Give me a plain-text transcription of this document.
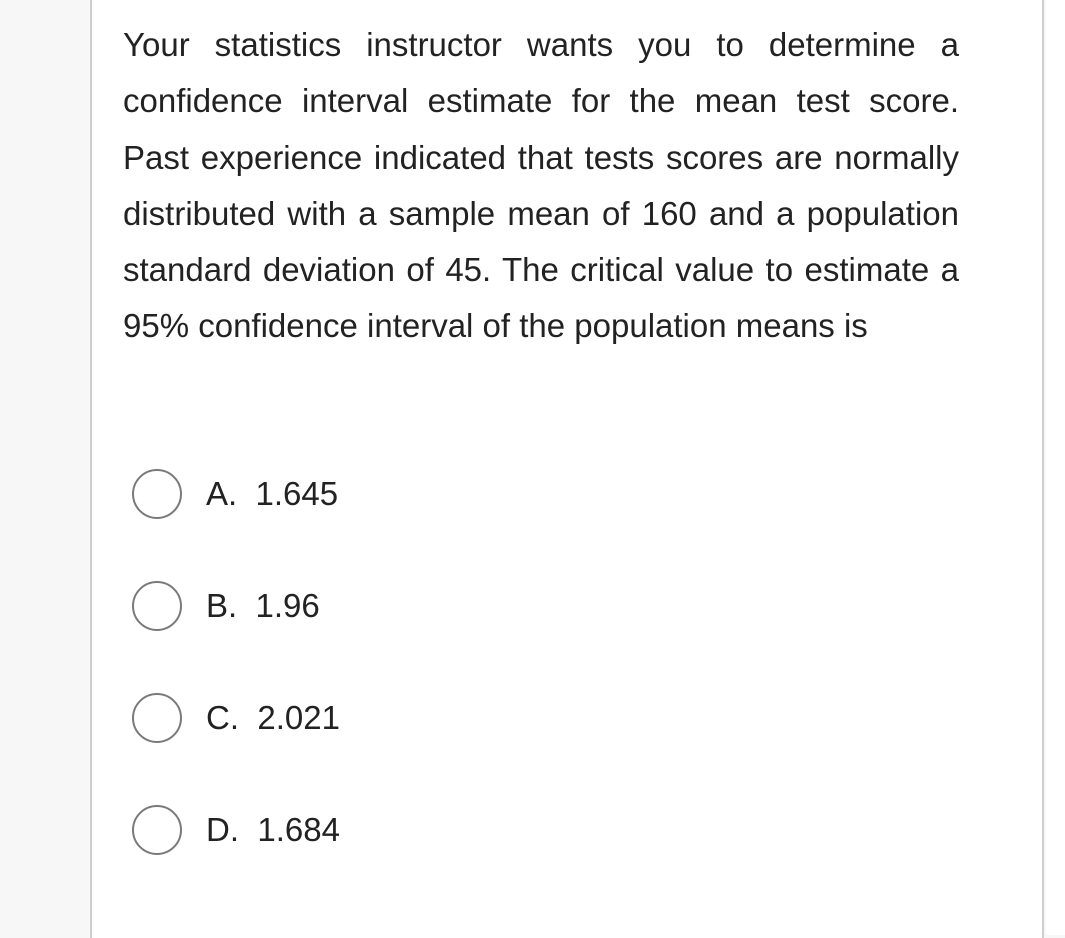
Your statistics instructor wants you to determine a confidence interval estimate for the mean test score. Past experience indicated that tests scores are normally distributed with a sample mean of 160 and a population standard deviation of 45. The critical value to estimate a 95% confidence interval of the population means is

A.  1.645
B.  1.96
C.  2.021
D.  1.684
